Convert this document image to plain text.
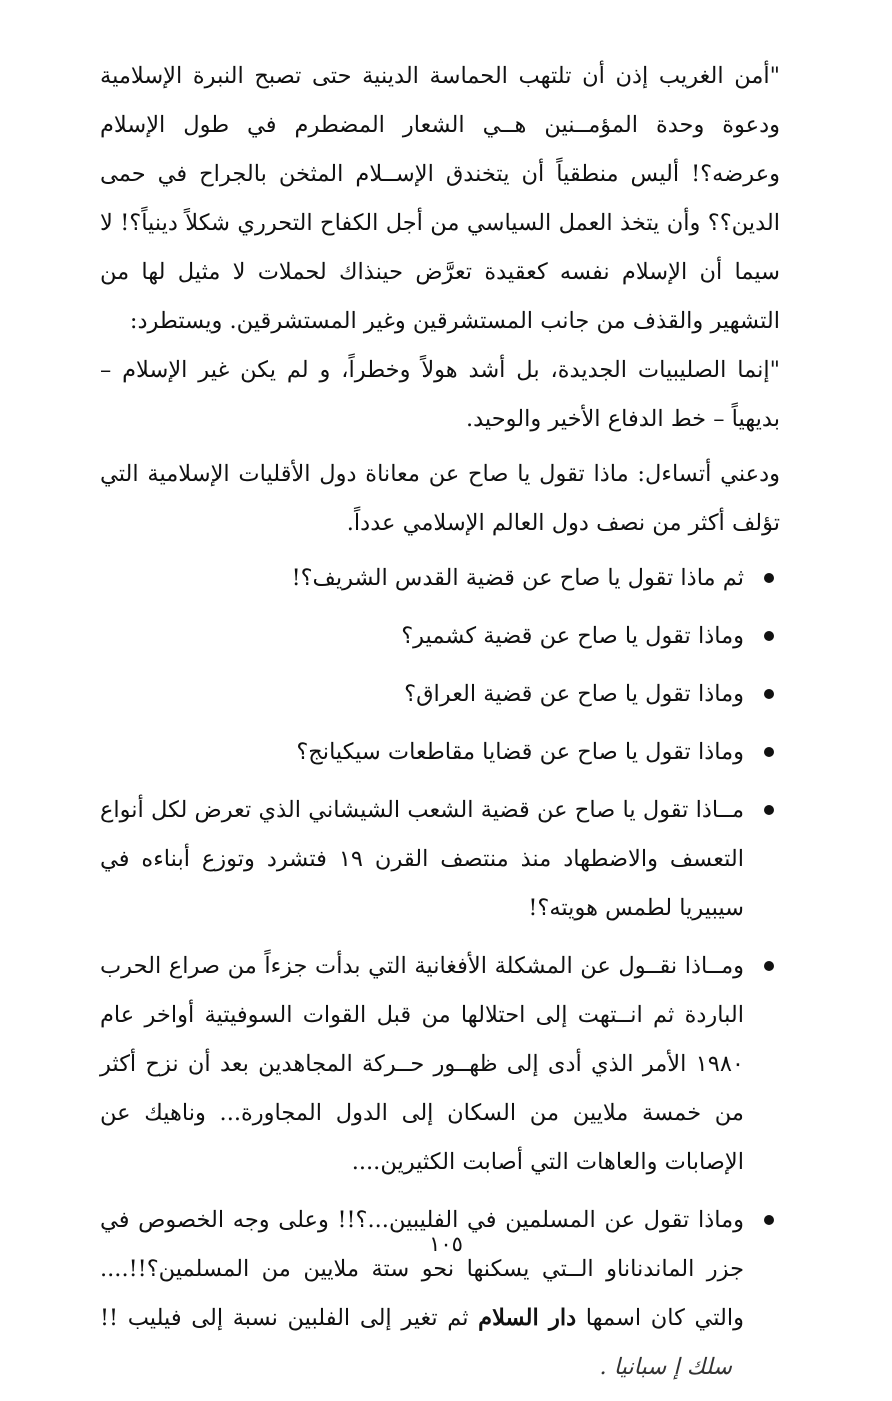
"أمن الغريب إذن أن تلتهب الحماسة الدينية حتى تصبح النبرة الإسلامية ودعوة وحدة المؤمــنين هــي الشعار المضطرم في طول الإسلام وعرضه؟! أليس منطقياً أن يتخندق الإســلام المثخن بالجراح في حمى الدين؟؟ وأن يتخذ العمل السياسي من أجل الكفاح التحرري شكلاً دينياً؟! لا سيما أن الإسلام نفسه كعقيدة تعرَّض حينذاك لحملات لا مثيل لها من التشهير والقذف من جانب المستشرقين وغير المستشرقين. ويستطرد:

"إنما الصليبيات الجديدة، بل أشد هولاً وخطراً، و لم يكن غير الإسلام – بديهياً – خط الدفاع الأخير والوحيد.

ودعني أتساءل: ماذا تقول يا صاح عن معاناة دول الأقليات الإسلامية التي تؤلف أكثر من نصف دول العالم الإسلامي عدداً.

ثم ماذا تقول يا صاح عن قضية القدس الشريف؟!
وماذا تقول يا صاح عن قضية كشمير؟
وماذا تقول يا صاح عن قضية العراق؟
وماذا تقول يا صاح عن قضايا مقاطعات سيكيانج؟
مــاذا تقول يا صاح عن قضية الشعب الشيشاني الذي تعرض لكل أنواع التعسف والاضطهاد منذ منتصف القرن ١٩ فتشرد وتوزع أبناءه في سيبيريا لطمس هويته؟!
ومــاذا نقــول عن المشكلة الأفغانية التي بدأت جزءاً من صراع الحرب الباردة ثم انــتهت إلى احتلالها من قبل القوات السوفيتية أواخر عام ١٩٨٠ الأمر الذي أدى إلى ظهــور حــركة المجاهدين بعد أن نزح أكثر من خمسة ملايين من السكان إلى الدول المجاورة... وناهيك عن الإصابات والعاهات التي أصابت الكثيرين....
وماذا تقول عن المسلمين في الفليبين...؟!! وعلى وجه الخصوص في جزر الماندناناو الــتي يسكنها نحو ستة ملايين من المسلمين؟!!.... والتي كان اسمها دار السلام ثم تغير إلى الفلبين نسبة إلى فيليب !! سلك إ سبانيا .
١٠٥
